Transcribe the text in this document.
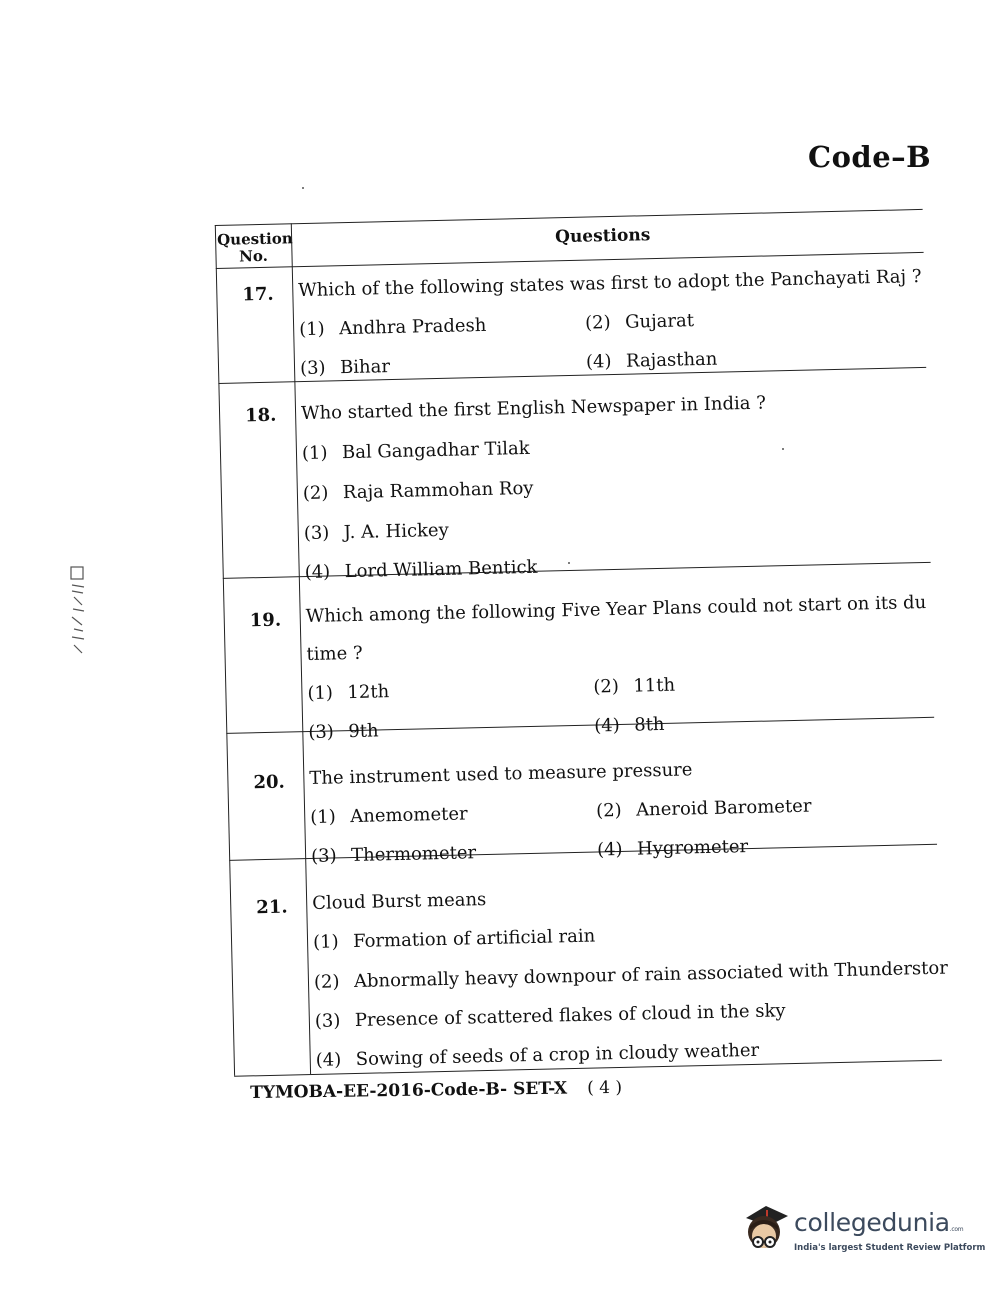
Code–B
Question No.
Questions
17. Which of the following states was first to adopt the Panchayati Raj ?
(1) Andhra Pradesh	(2) Gujarat
(3) Bihar	(4) Rajasthan
18. Who started the first English Newspaper in India ?
(1) Bal Gangadhar Tilak
(2) Raja Rammohan Roy
(3) J. A. Hickey
(4) Lord William Bentick
19. Which among the following Five Year Plans could not start on its du
time ?
(1) 12th	(2) 11th
(3) 9th	(4) 8th
20. The instrument used to measure pressure
(1) Anemometer	(2) Aneroid Barometer
(3) Thermometer	(4) Hygrometer
21. Cloud Burst means
(1) Formation of artificial rain
(2) Abnormally heavy downpour of rain associated with Thunderstor
(3) Presence of scattered flakes of cloud in the sky
(4) Sowing of seeds of a crop in cloudy weather
TYMOBA-EE-2016-Code-B- SET-X ( 4 )
collegedunia.com
India's largest Student Review Platform
